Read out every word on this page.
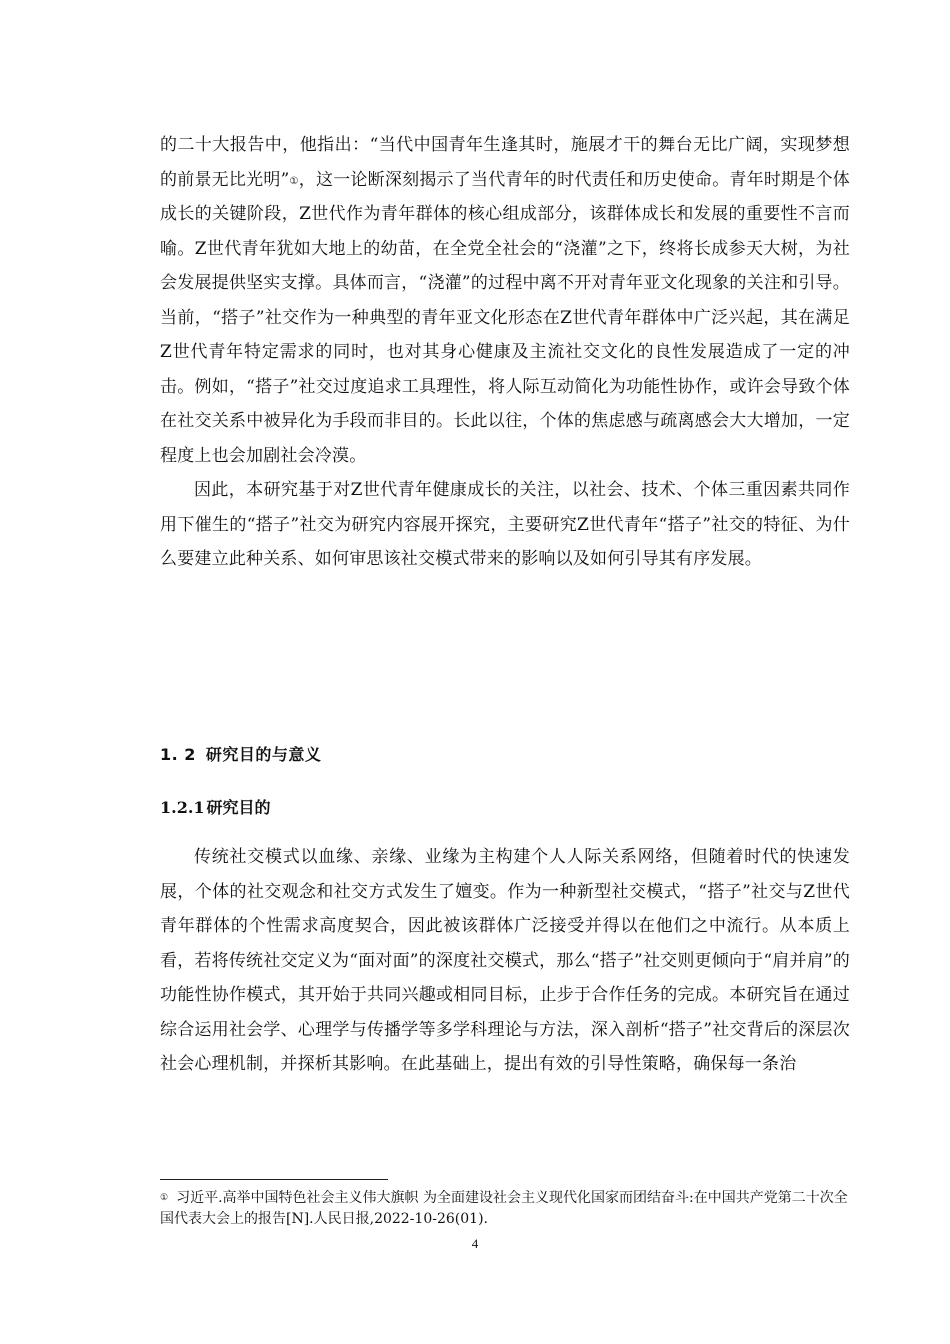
的二十大报告中，他指出：“当代中国青年生逢其时，施展才干的舞台无比广阔，实现梦想的前景无比光明”①，这一论断深刻揭示了当代青年的时代责任和历史使命。青年时期是个体成长的关键阶段，Z世代作为青年群体的核心组成部分，该群体成长和发展的重要性不言而喻。Z世代青年犹如大地上的幼苗，在全党全社会的“浇灌”之下，终将长成参天大树，为社会发展提供坚实支撑。具体而言，“浇灌”的过程中离不开对青年亚文化现象的关注和引导。当前，“搭子”社交作为一种典型的青年亚文化形态在Z世代青年群体中广泛兴起，其在满足Z世代青年特定需求的同时，也对其身心健康及主流社交文化的良性发展造成了一定的冲击。例如，“搭子”社交过度追求工具理性，将人际互动简化为功能性协作，或许会导致个体在社交关系中被异化为手段而非目的。长此以往，个体的焦虑感与疏离感会大大增加，一定程度上也会加剧社会冷漠。

因此，本研究基于对Z世代青年健康成长的关注，以社会、技术、个体三重因素共同作用下催生的“搭子”社交为研究内容展开探究，主要研究Z世代青年“搭子”社交的特征、为什么要建立此种关系、如何审思该社交模式带来的影响以及如何引导其有序发展。

1. 2 研究目的与意义
1.2.1 研究目的

传统社交模式以血缘、亲缘、业缘为主构建个人人际关系网络，但随着时代的快速发展，个体的社交观念和社交方式发生了嬗变。作为一种新型社交模式，“搭子”社交与Z世代青年群体的个性需求高度契合，因此被该群体广泛接受并得以在他们之中流行。从本质上看，若将传统社交定义为“面对面”的深度社交模式，那么“搭子”社交则更倾向于“肩并肩”的功能性协作模式，其开始于共同兴趣或相同目标，止步于合作任务的完成。本研究旨在通过综合运用社会学、心理学与传播学等多学科理论与方法，深入剖析“搭子”社交背后的深层次社会心理机制，并探析其影响。在此基础上，提出有效的引导性策略，确保每一条治

① 习近平.高举中国特色社会主义伟大旗帜 为全面建设社会主义现代化国家而团结奋斗:在中国共产党第二十次全国代表大会上的报告[N].人民日报,2022-10-26(01).

4
